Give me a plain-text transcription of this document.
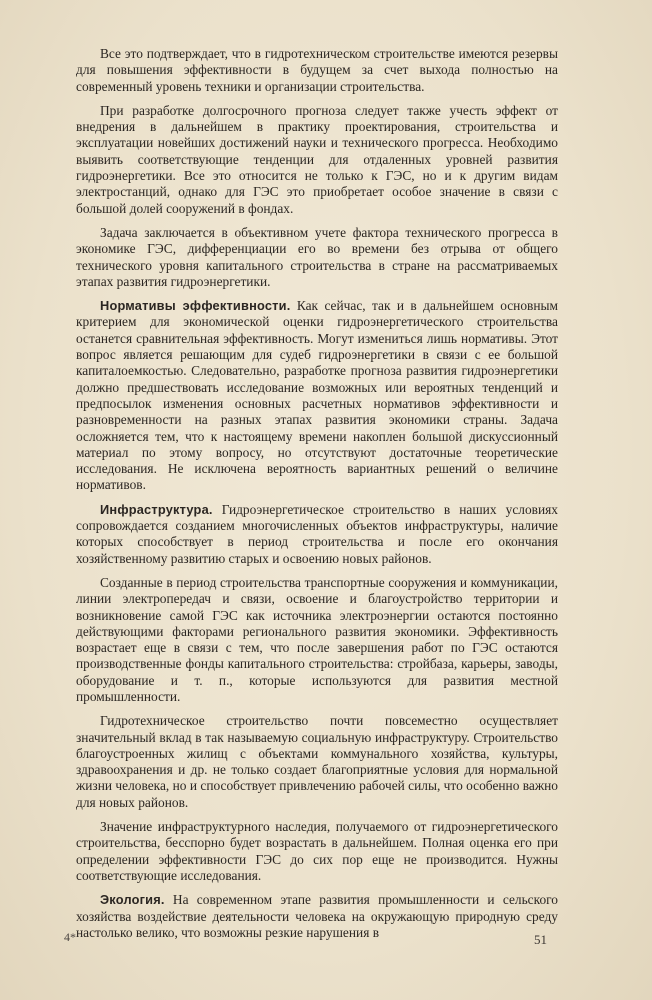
Все это подтверждает, что в гидротехническом строительстве имеются резервы для повышения эффективности в будущем за счет выхода полностью на современный уровень техники и организации строительства.

При разработке долгосрочного прогноза следует также учесть эффект от внедрения в дальнейшем в практику проектирования, строительства и эксплуатации новейших достижений науки и технического прогресса. Необходимо выявить соответствующие тенденции для отдаленных уровней развития гидроэнергетики. Все это относится не только к ГЭС, но и к другим видам электростанций, однако для ГЭС это приобретает особое значение в связи с большой долей сооружений в фондах.

Задача заключается в объективном учете фактора технического прогресса в экономике ГЭС, дифференциации его во времени без отрыва от общего технического уровня капитального строительства в стране на рассматриваемых этапах развития гидроэнергетики.

Нормативы эффективности. Как сейчас, так и в дальнейшем основным критерием для экономической оценки гидроэнергетического строительства останется сравнительная эффективность. Могут измениться лишь нормативы. Этот вопрос является решающим для судеб гидроэнергетики в связи с ее большой капиталоемкостью. Следовательно, разработке прогноза развития гидроэнергетики должно предшествовать исследование возможных или вероятных тенденций и предпосылок изменения основных расчетных нормативов эффективности и разновременности на разных этапах развития экономики страны. Задача осложняется тем, что к настоящему времени накоплен большой дискуссионный материал по этому вопросу, но отсутствуют достаточные теоретические исследования. Не исключена вероятность вариантных решений о величине нормативов.

Инфраструктура. Гидроэнергетическое строительство в наших условиях сопровождается созданием многочисленных объектов инфраструктуры, наличие которых способствует в период строительства и после его окончания хозяйственному развитию старых и освоению новых районов.

Созданные в период строительства транспортные сооружения и коммуникации, линии электропередач и связи, освоение и благоустройство территории и возникновение самой ГЭС как источника электроэнергии остаются постоянно действующими факторами регионального развития экономики. Эффективность возрастает еще в связи с тем, что после завершения работ по ГЭС остаются производственные фонды капитального строительства: стройбаза, карьеры, заводы, оборудование и т. п., которые используются для развития местной промышленности.

Гидротехническое строительство почти повсеместно осуществляет значительный вклад в так называемую социальную инфраструктуру. Строительство благоустроенных жилищ с объектами коммунального хозяйства, культуры, здравоохранения и др. не только создает благоприятные условия для нормальной жизни человека, но и способствует привлечению рабочей силы, что особенно важно для новых районов.

Значение инфраструктурного наследия, получаемого от гидроэнергетического строительства, бесспорно будет возрастать в дальнейшем. Полная оценка его при определении эффективности ГЭС до сих пор еще не производится. Нужны соответствующие исследования.

Экология. На современном этапе развития промышленности и сельского хозяйства воздействие деятельности человека на окружающую природную среду настолько велико, что возможны резкие нарушения в

4*	51
